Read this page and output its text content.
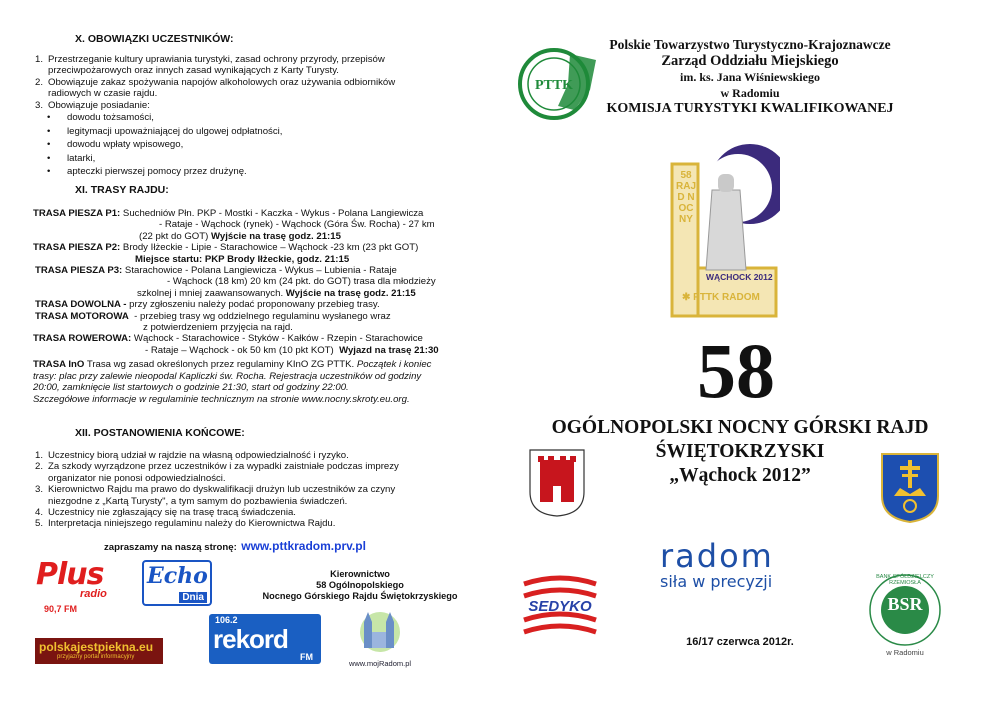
X. OBOWIĄZKI UCZESTNIKÓW:
1. Przestrzeganie kultury uprawiania turystyki, zasad ochrony przyrody, przepisów
przeciwpożarowych oraz innych zasad wynikających z Karty Turysty.
2. Obowiązuje zakaz spożywania napojów alkoholowych oraz używania odbiorników
radiowych w czasie rajdu.
3. Obowiązuje posiadanie:
• dowodu tożsamości,
• legitymacji upoważniającej do ulgowej odpłatności,
• dowodu wpłaty wpisowego,
• latarki,
• apteczki pierwszej pomocy przez drużynę.
XI. TRASY RAJDU:
TRASA PIESZA P1: Suchedniów Płn. PKP - Mostki - Kaczka - Wykus - Polana Langiewicza
- Rataje - Wąchock (rynek) - Wąchock (Góra Św. Rocha) - 27 km
(22 pkt do GOT) Wyjście na trasę godz. 21:15
TRASA PIESZA P2: Brody Iłżeckie - Lipie - Starachowice – Wąchock -23 km (23 pkt GOT)
Miejsce startu: PKP Brody Iłżeckie, godz. 21:15
TRASA PIESZA P3: Starachowice - Polana Langiewicza - Wykus – Lubienia - Rataje
- Wąchock (18 km) 20 km (24 pkt. do GOT) trasa dla młodzieży
szkolnej i mniej zaawansowanych. Wyjście na trasę godz. 21:15
TRASA DOWOLNA - przy zgłoszeniu należy podać proponowany przebieg trasy.
TRASA MOTOROWA - przebieg trasy wg oddzielnego regulaminu wysłanego wraz
z potwierdzeniem przyjęcia na rajd.
TRASA ROWEROWA: Wąchock - Starachowice - Styków - Kałków - Rzepin - Starachowice
- Rataje – Wąchock - ok 50 km (10 pkt KOT) Wyjazd na trasę 21:30
TRASA InO Trasa wg zasad określonych przez regulaminy KInO ZG PTTK. Początek i koniec
trasy: plac przy zalewie nieopodal Kapliczki św. Rocha. Rejestracja uczestników od godziny
20:00, zamknięcie list startowych o godzinie 21:30, start od godziny 22:00.
Szczegółowe informacje w regulaminie technicznym na stronie www.nocny.skroty.eu.org.
XII. POSTANOWIENIA KOŃCOWE:
1. Uczestnicy biorą udział w rajdzie na własną odpowiedzialność i ryzyko.
2. Za szkody wyrządzone przez uczestników i za wypadki zaistniałe podczas imprezy
organizator nie ponosi odpowiedzialności.
3. Kierownictwo Rajdu ma prawo do dyskwalifikacji drużyn lub uczestników za czyny
niezgodne z „Kartą Turysty", a tym samym do pozbawienia świadczeń.
4. Uczestnicy nie zgłaszający się na trasę tracą świadczenia.
5. Interpretacja niniejszego regulaminu należy do Kierownictwa Rajdu.
zapraszamy na naszą stronę: www.pttkradom.prv.pl
Kierownictwo
58 Ogólnopolskiego
Nocnego Górskiego Rajdu Świętokrzyskiego
Plus
radio
90,7 FM
Echo
Dnia
106.2
rekord
FM
polskajestpiekna.eu
przyjazny portal informacyjny
www.mojRadom.pl
PTTK
Polskie Towarzystwo Turystyczno-Krajoznawcze
Zarząd Oddziału Miejskiego
im. ks. Jana Wiśniewskiego
w Radomiu
KOMISJA TURYSTYKI KWALIFIKOWANEJ
58 RAJD NOCNY
WĄCHOCK 2012
✱ PTTK RADOM
58
OGÓLNOPOLSKI NOCNY GÓRSKI RAJD
ŚWIĘTOKRZYSKI
„Wąchock 2012”
radom
siła w precyzji
SEDYKO	BSR
BANK SPÓŁDZIELCZY RZEMIOSŁA
w Radomiu
16/17 czerwca 2012r.
